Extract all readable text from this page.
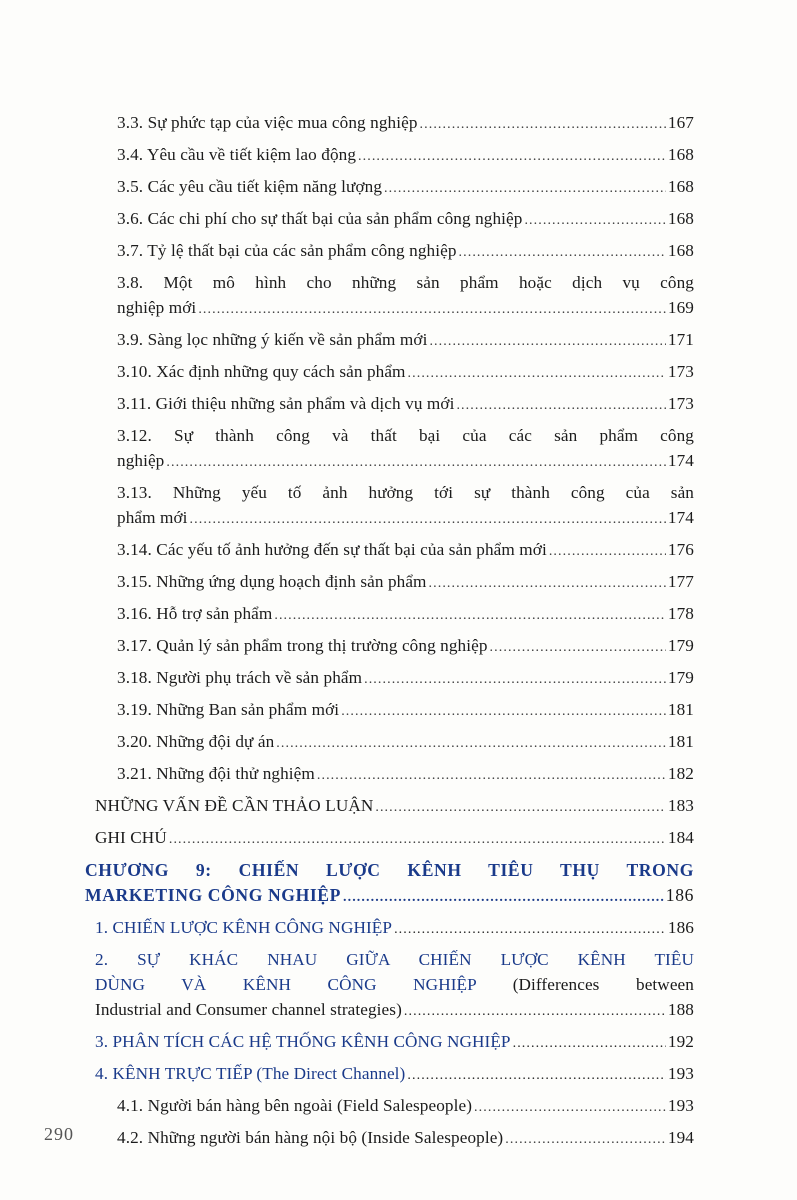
3.3. Sự phức tạp của việc mua công nghiệp .....	167
3.4. Yêu cầu về tiết kiệm lao động .....	168
3.5. Các yêu cầu tiết kiệm năng lượng .....	168
3.6. Các chi phí cho sự thất bại của sản phẩm công nghiệp .....	168
3.7. Tỷ lệ thất bại của các sản phẩm công nghiệp .....	168
3.8. Một mô hình cho những sản phẩm hoặc dịch vụ công
nghiệp mới .....	169
3.9. Sàng lọc những ý kiến về sản phẩm mới .....	171
3.10. Xác định những quy cách sản phẩm .....	173
3.11. Giới thiệu những sản phẩm và dịch vụ mới .....	173
3.12. Sự thành công và thất bại của các sản phẩm công
nghiệp .....	174
3.13. Những yếu tố ảnh hưởng tới sự thành công của sản
phẩm mới .....	174
3.14. Các yếu tố ảnh hưởng đến sự thất bại của sản phẩm mới .....	176
3.15. Những ứng dụng hoạch định sản phẩm .....	177
3.16. Hỗ trợ sản phẩm .....	178
3.17. Quản lý sản phẩm trong thị trường công nghiệp .....	179
3.18. Người phụ trách về sản phẩm .....	179
3.19. Những Ban sản phẩm mới .....	181
3.20. Những đội dự án .....	181
3.21. Những đội thử nghiệm .....	182
NHỮNG VẤN ĐỀ CẦN THẢO LUẬN .....	183
GHI CHÚ .....	184
CHƯƠNG 9: CHIẾN LƯỢC KÊNH TIÊU THỤ TRONG
MARKETING CÔNG NGHIỆP .....	186
1. CHIẾN LƯỢC KÊNH CÔNG NGHIỆP .....	186
2. SỰ KHÁC NHAU GIỮA CHIẾN LƯỢC KÊNH TIÊU
DÙNG VÀ KÊNH CÔNG NGHIỆP (Differences between
Industrial and Consumer channel strategies) .....	188
3. PHÂN TÍCH CÁC HỆ THỐNG KÊNH CÔNG NGHIỆP .....	192
4. KÊNH TRỰC TIẾP (The Direct Channel) .....	193
4.1. Người bán hàng bên ngoài (Field Salespeople) .....	193
4.2. Những người bán hàng nội bộ (Inside Salespeople) .....	194
290
